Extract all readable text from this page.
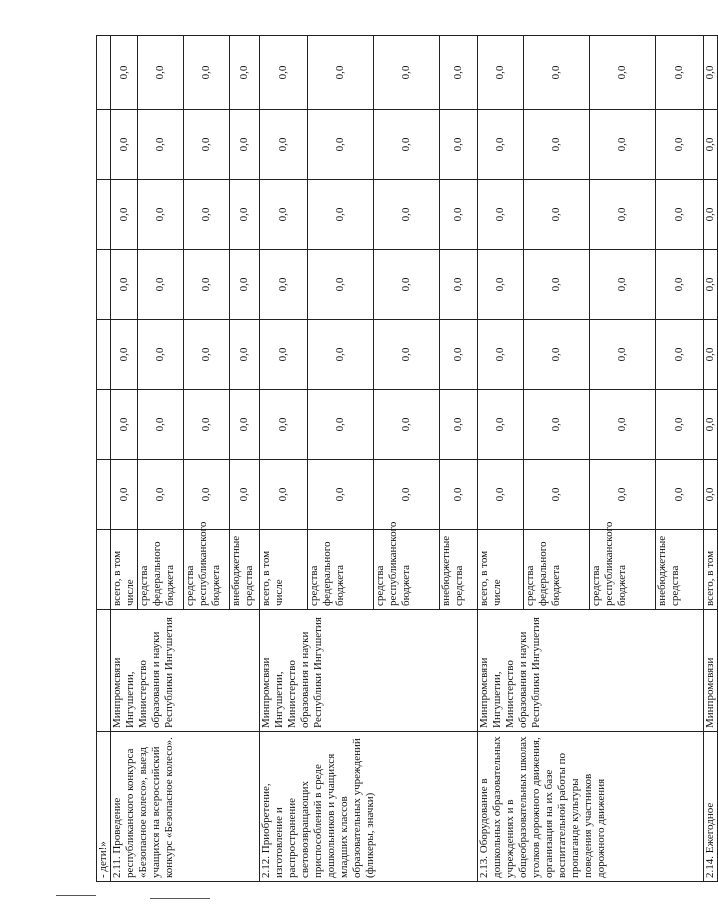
- дети!»									
2.11. Проведение республиканского конкурса «Безопасное колесо», выезд учащихся на всероссийский конкурс «Безопасное колесо».	Минпромсвязи Ингушетии, Министерство образования и науки Республики Ингушетия	всего, в том числе	0,0	0,0	0,0	0,0	0,0	0,0	0,0
		средства федерального бюджета	0,0	0,0	0,0	0,0	0,0	0,0	0,0
		средства республиканского бюджета	0,0	0,0	0,0	0,0	0,0	0,0	0,0
		внебюджетные средства	0,0	0,0	0,0	0,0	0,0	0,0	0,0
2.12. Приобретение, изготовление и распространение световозвращающих приспособлений в среде дошкольников и учащихся младших классов образовательных учреждений (фликеры, значки)	Минпромсвязи Ингушетии, Министерство образования и науки Республики Ингушетия	всего, в том числе	0,0	0,0	0,0	0,0	0,0	0,0	0,0
		средства федерального бюджета	0,0	0,0	0,0	0,0	0,0	0,0	0,0
		средства республиканского бюджета	0,0	0,0	0,0	0,0	0,0	0,0	0,0
		внебюджетные средства	0,0	0,0	0,0	0,0	0,0	0,0	0,0
2.13. Оборудование в дошкольных образовательных учреждениях и в общеобразовательных школах уголков дорожного движения, организация на их базе воспитательной работы по пропаганде культуры поведения участников дорожного движения	Минпромсвязи Ингушетии, Министерство образования и науки Республики Ингушетия	всего, в том числе	0,0	0,0	0,0	0,0	0,0	0,0	0,0
		средства федерального бюджета	0,0	0,0	0,0	0,0	0,0	0,0	0,0
		средства республиканского бюджета	0,0	0,0	0,0	0,0	0,0	0,0	0,0
		внебюджетные средства	0,0	0,0	0,0	0,0	0,0	0,0	0,0
2.14. Ежегодное	Минпромсвязи	всего, в том	0,0	0,0	0,0	0,0	0,0	0,0	0,0
